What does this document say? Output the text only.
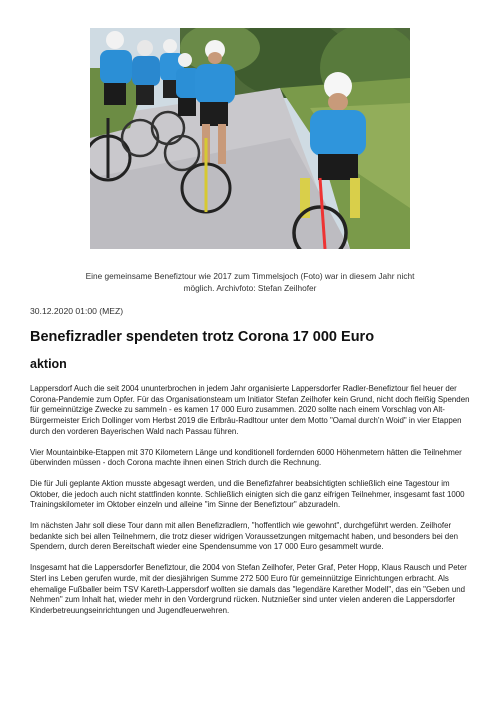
Eine gemeinsame Benefiztour wie 2017 zum Timmelsjoch (Foto) war in diesem Jahr nicht
möglich. Archivfoto: Stefan Zeilhofer
30.12.2020 01:00 (MEZ)
Benefizradler spendeten trotz Corona 17 000 Euro
aktion

Lappersdorf Auch die seit 2004 ununterbrochen in jedem Jahr organisierte Lappersdorfer Radler-Benefiztour fiel heuer der Corona-Pandemie zum Opfer. Für das Organisationsteam um Initiator Stefan Zeilhofer kein Grund, nicht doch fleißig Spenden für gemeinnützige Zwecke zu sammeln - es kamen 17 000 Euro zusammen. 2020 sollte nach einem Vorschlag von Alt-Bürgermeister Erich Dollinger vom Herbst 2019 die Erlbräu-Radltour unter dem Motto "Oamal durch'n Woid" in vier Etappen durch den vorderen Bayerischen Wald nach Passau führen.

Vier Mountainbike-Etappen mit 370 Kilometern Länge und konditionell fordernden 6000 Höhenmetern hätten die Teilnehmer überwinden müssen - doch Corona machte ihnen einen Strich durch die Rechnung.

Die für Juli geplante Aktion musste abgesagt werden, und die Benefizfahrer beabsichtigten schließlich eine Tagestour im Oktober, die jedoch auch nicht stattfinden konnte. Schließlich einigten sich die ganz eifrigen Teilnehmer, insgesamt fast 1000 Trainingskilometer im Oktober einzeln und alleine "im Sinne der Benefiztour" abzuradeln.

Im nächsten Jahr soll diese Tour dann mit allen Benefizradlern, "hoffentlich wie gewohnt", durchgeführt werden. Zeilhofer bedankte sich bei allen Teilnehmern, die trotz dieser widrigen Voraussetzungen mitgemacht haben, und besonders bei den Spendern, durch deren Bereitschaft wieder eine Spendensumme von 17 000 Euro gesammelt wurde.

Insgesamt hat die Lappersdorfer Benefiztour, die 2004 von Stefan Zeilhofer, Peter Graf, Peter Hopp, Klaus Rausch und Peter Sterl ins Leben gerufen wurde, mit der diesjährigen Summe 272 500 Euro für gemeinnützige Einrichtungen erbracht. Als ehemalige Fußballer beim TSV Kareth-Lappersdorf wollten sie damals das "legendäre Karether Modell", das ein "Geben und Nehmen" zum Inhalt hat, wieder mehr in den Vordergrund rücken. Nutznießer sind unter vielen anderen die Lappersdorfer Kinderbetreuungseinrichtungen und Jugendfeuerwehren.
